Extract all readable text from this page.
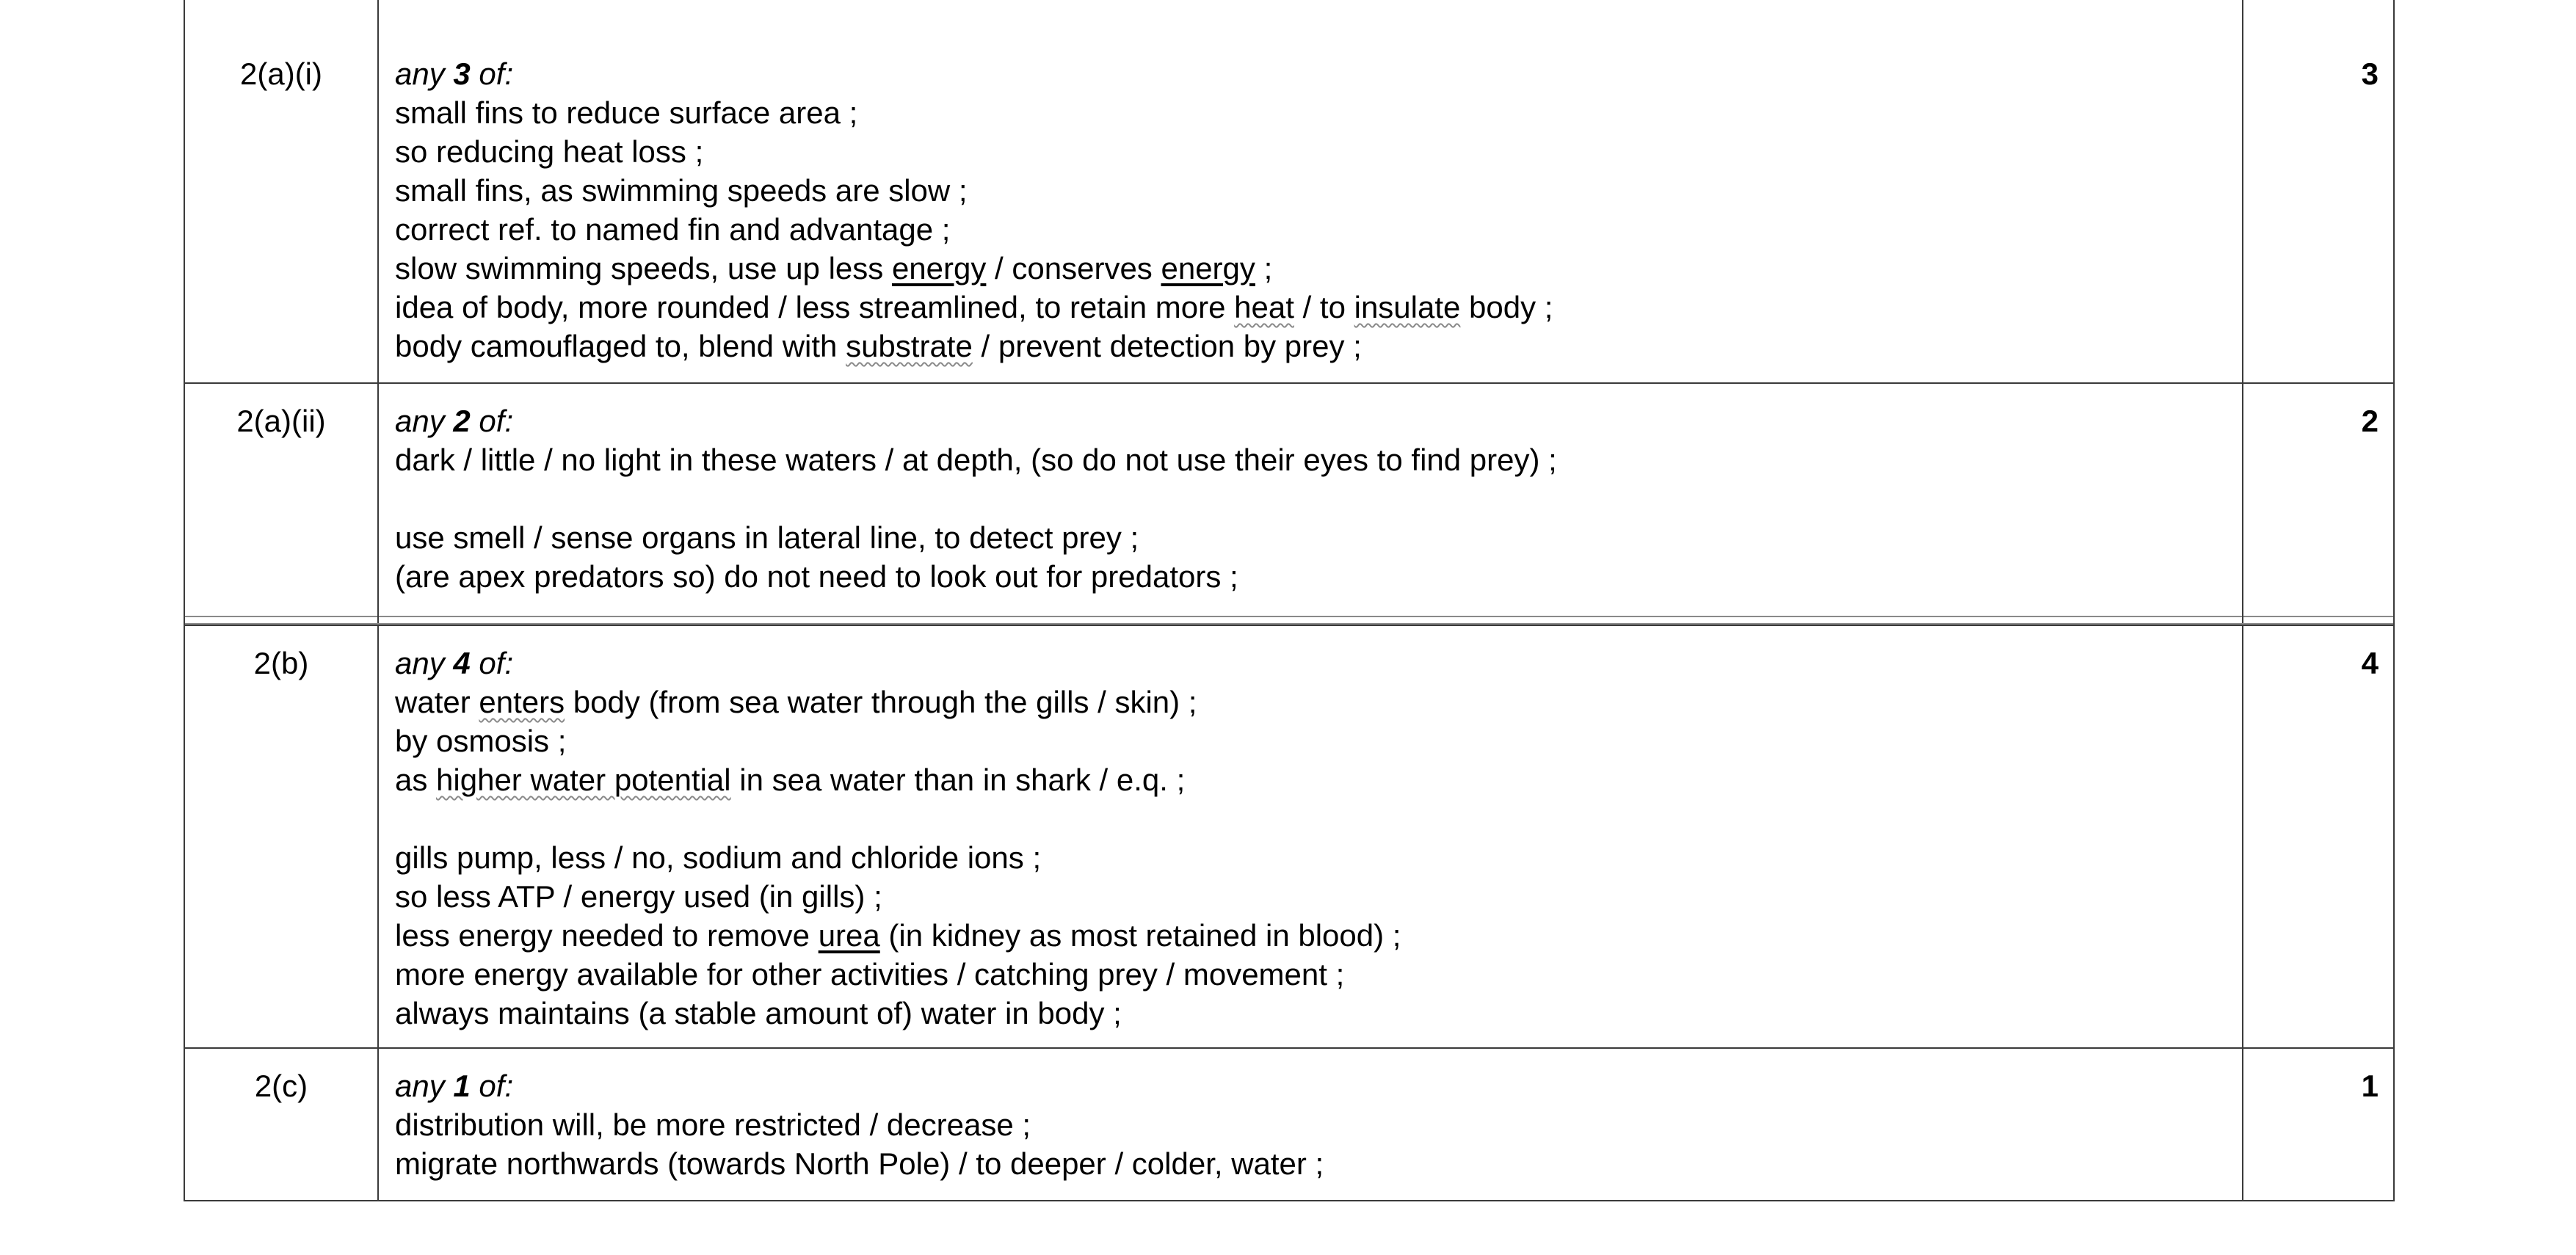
2(a)(i)	any 3 of:
small fins to reduce surface area ;
so reducing heat loss ;
small fins, as swimming speeds are slow ;
correct ref. to named fin and advantage ;
slow swimming speeds, use up less energy / conserves energy ;
idea of body, more rounded / less streamlined, to retain more heat / to insulate body ;
body camouflaged to, blend with substrate / prevent detection by prey ;
3
2(a)(ii)	any 2 of:
dark / little / no light in these waters / at depth, (so do not use their eyes to find prey) ;
use smell / sense organs in lateral line, to detect prey ;
(are apex predators so) do not need to look out for predators ;
2
2(b)	any 4 of:
water enters body (from sea water through the gills / skin) ;
by osmosis ;
as higher water potential in sea water than in shark / e.q. ;
gills pump, less / no, sodium and chloride ions ;
so less ATP / energy used (in gills) ;
less energy needed to remove urea (in kidney as most retained in blood) ;
more energy available for other activities / catching prey / movement ;
always maintains (a stable amount of) water in body ;
4
2(c)	any 1 of:
distribution will, be more restricted / decrease ;
migrate northwards (towards North Pole) / to deeper / colder, water ;
1
